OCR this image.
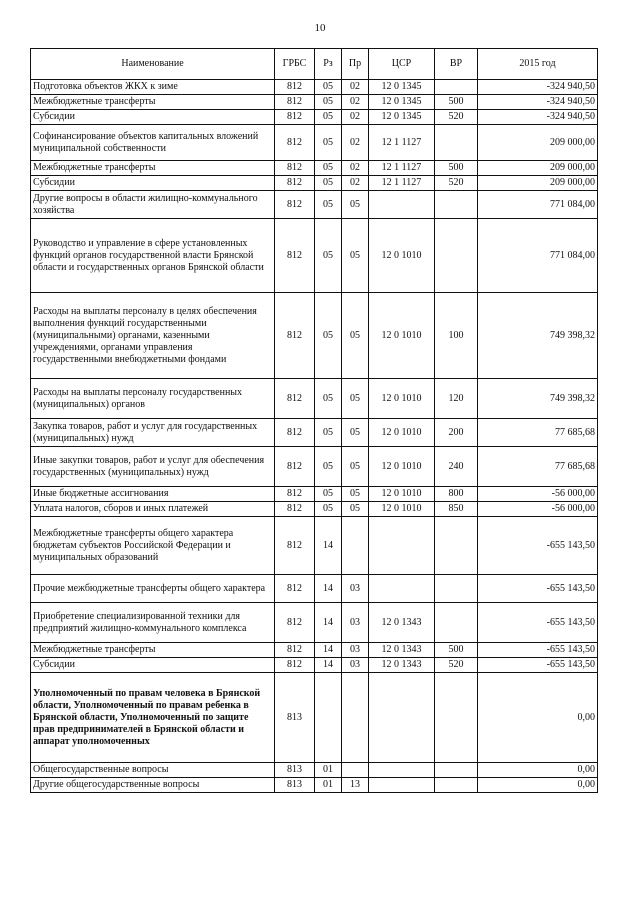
10
Наименование	ГРБС	Рз	Пр	ЦСР	ВР	2015 год
Подготовка объектов ЖКХ к зиме	812	05	02	12 0 1345		-324 940,50
Межбюджетные трансферты	812	05	02	12 0 1345	500	-324 940,50
Субсидии	812	05	02	12 0 1345	520	-324 940,50
Софинансирование объектов капитальных вложений муниципальной собственности	812	05	02	12 1 1127		209 000,00
Межбюджетные трансферты	812	05	02	12 1 1127	500	209 000,00
Субсидии	812	05	02	12 1 1127	520	209 000,00
Другие вопросы в области жилищно-коммунального хозяйства	812	05	05			771 084,00
Руководство и управление в сфере установленных функций органов государственной власти Брянской области и государственных органов Брянской области	812	05	05	12 0 1010		771 084,00
Расходы на выплаты персоналу в целях обеспечения выполнения функций государственными (муниципальными) органами, казенными учреждениями, органами управления государственными внебюджетными фондами	812	05	05	12 0 1010	100	749 398,32
Расходы на выплаты персоналу государственных (муниципальных) органов	812	05	05	12 0 1010	120	749 398,32
Закупка товаров, работ и услуг для государственных (муниципальных) нужд	812	05	05	12 0 1010	200	77 685,68
Иные закупки товаров, работ и услуг для обеспечения государственных (муниципальных) нужд	812	05	05	12 0 1010	240	77 685,68
Иные бюджетные ассигнования	812	05	05	12 0 1010	800	-56 000,00
Уплата налогов, сборов и иных платежей	812	05	05	12 0 1010	850	-56 000,00
Межбюджетные трансферты общего характера бюджетам субъектов Российской Федерации и муниципальных образований	812	14				-655 143,50
Прочие межбюджетные трансферты общего характера	812	14	03			-655 143,50
Приобретение специализированной техники для предприятий жилищно-коммунального комплекса	812	14	03	12 0 1343		-655 143,50
Межбюджетные трансферты	812	14	03	12 0 1343	500	-655 143,50
Субсидии	812	14	03	12 0 1343	520	-655 143,50
Уполномоченный по правам человека в Брянской области, Уполномоченный по правам ребенка в Брянской области, Уполномоченный по защите прав предпринимателей в Брянской области и аппарат уполномоченных	813					0,00
Общегосударственные вопросы	813	01				0,00
Другие общегосударственные вопросы	813	01	13			0,00
